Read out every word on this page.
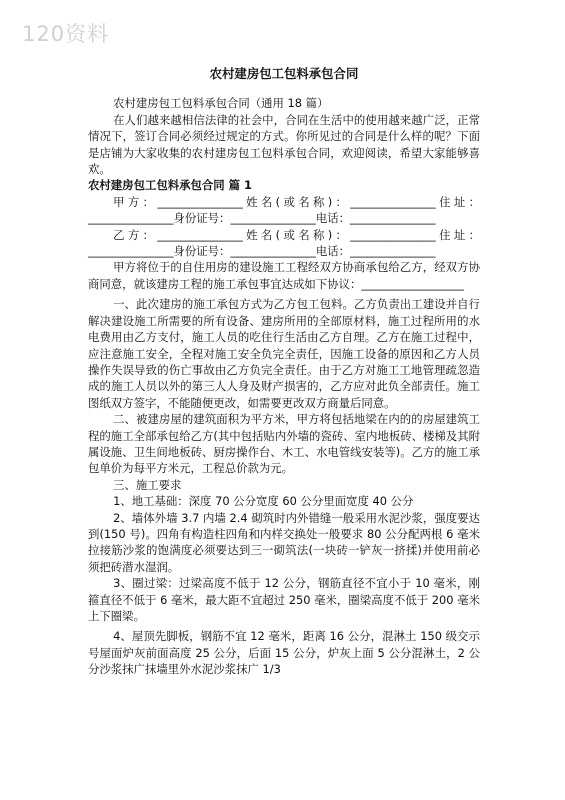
120资料
农村建房包工包料承包合同

农村建房包工包料承包合同（通用 18 篇）

在人们越来越相信法律的社会中，合同在生活中的使用越来越广泛，正常情况下，签订合同必须经过规定的方式。你所见过的合同是什么样的呢？下面是店铺为大家收集的农村建房包工包料承包合同，欢迎阅读，希望大家能够喜欢。

农村建房包工包料承包合同 篇 1

甲方：_______________姓名(或名称)：_______________住址：_______________身份证号：_______________电话：_______________

乙方：_______________姓名(或名称)：_______________住址：_______________身份证号：_______________电话：_______________

甲方将位于的自住用房的建设施工工程经双方协商承包给乙方，经双方协商同意，就该建房工程的施工承包事宜达成如下协议：__________________

一、此次建房的施工承包方式为乙方包工包料。乙方负责出工建设并自行解决建设施工所需要的所有设备、建房所用的全部原材料，施工过程所用的水电费用由乙方支付，施工人员的吃住行生活由乙方自理。乙方在施工过程中，应注意施工安全，全程对施工安全负完全责任，因施工设备的原因和乙方人员操作失误导致的伤亡事故由乙方负完全责任。由于乙方对施工工地管理疏忽造成的施工人员以外的第三人人身及财产损害的，乙方应对此负全部责任。施工图纸双方签字，不能随便更改，如需要更改双方商量后同意。

二、被建房屋的建筑面积为平方米，甲方将包括地梁在内的的房屋建筑工程的施工全部承包给乙方(其中包括贴内外墙的瓷砖、室内地板砖、楼梯及其附属设施、卫生间地板砖、厨房操作台、木工、水电管线安装等)。乙方的施工承包单价为每平方米元，工程总价款为元。

三、施工要求

1、地工基础：深度 70 公分宽度 60 公分里面宽度 40 公分

2、墙体外墙 3.7 内墙 2.4 砌筑时内外错缝一般采用水泥沙浆，强度要达到(150 号)。四角有构造柱四角和内样交换处一般要求 80 公分配两根 6 毫米拉接筋沙浆的饱满度必须要达到三一砌筑法(一块砖一铲灰一挤揉)并使用前必须把砖潜水湿润。

3、圈过梁：过梁高度不低于 12 公分，钢筋直径不宜小于 10 毫米，刚箍直径不低于 6 毫米，最大距不宜超过 250 毫米，圈梁高度不低于 200 毫米上下圈梁。

4、屋顶先脚板，钢筋不宜 12 毫米，距离 16 公分，混淋土 150 级交示号屋面炉灰前面高度 25 公分，后面 15 公分，炉灰上面 5 公分混淋土，2 公分沙浆抹广抹墙里外水泥沙浆抹广 1/3
